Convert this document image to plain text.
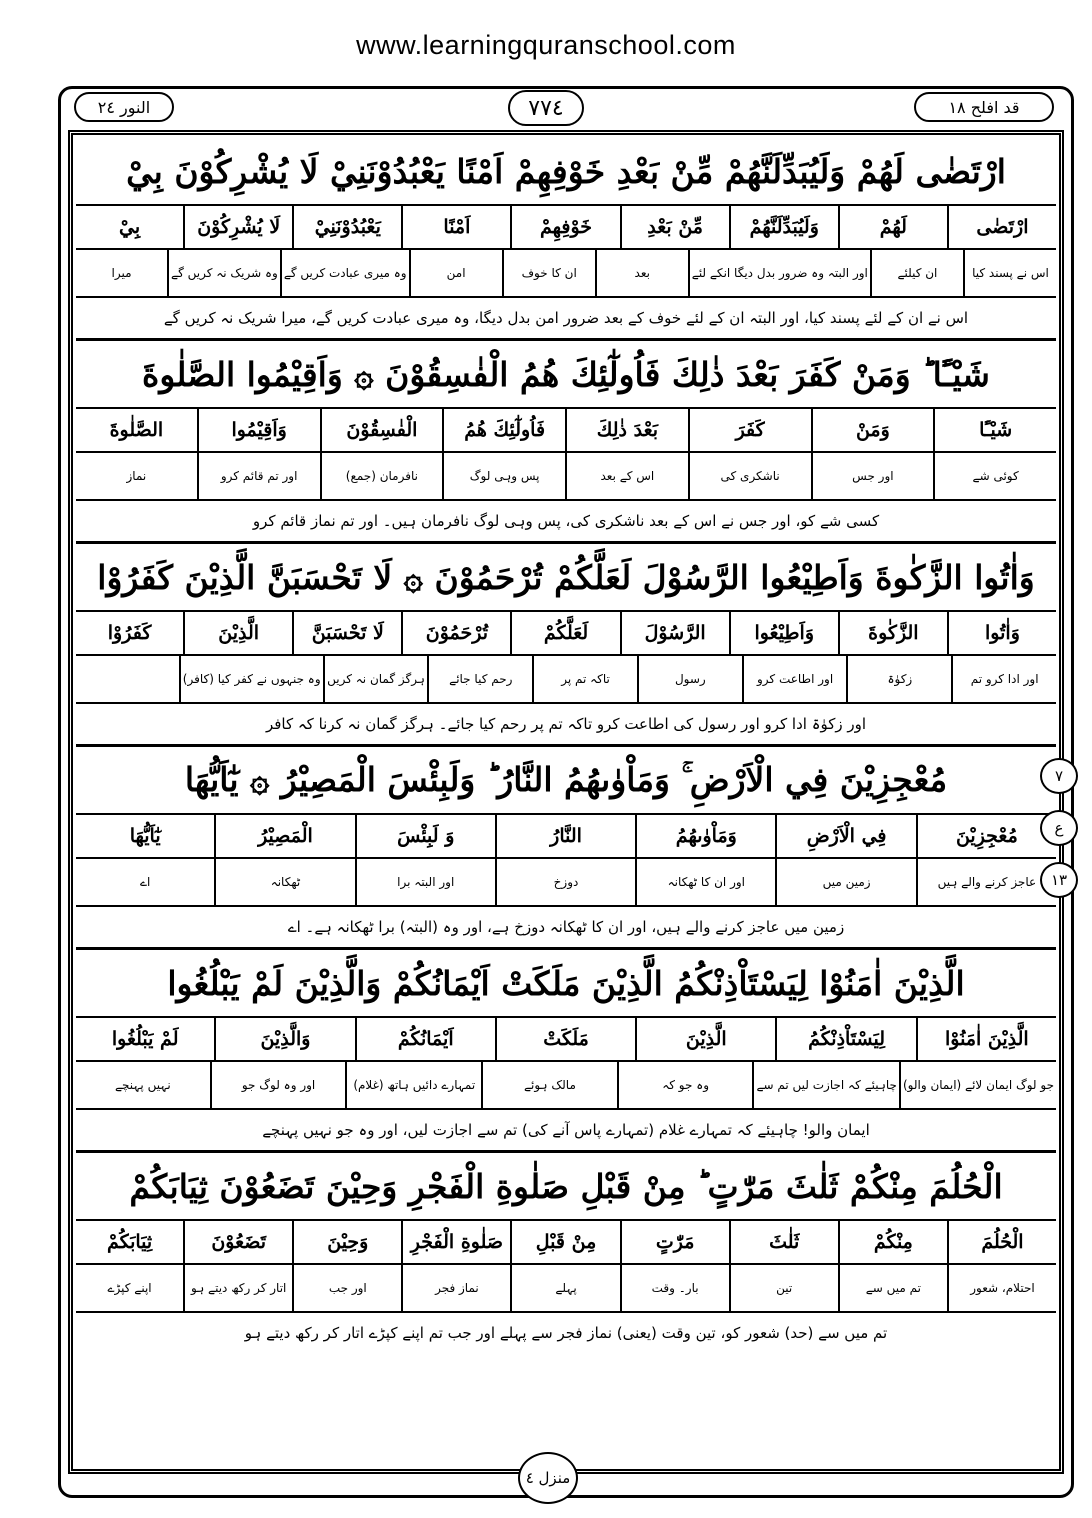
www.learningquranschool.com
النور ٢٤	٧٧٤	قد افلح ١٨
ارْتَضٰى لَهُمْ وَلَيُبَدِّلَنَّهُمْ مِّنْ بَعْدِ خَوْفِهِمْ اَمْنًا يَعْبُدُوْنَنِيْ لَا يُشْرِكُوْنَ بِيْ
ارْتَضٰى
لَهُمْ
وَلَيُبَدِّلَنَّهُمْ
مِّنْ بَعْدِ
خَوْفِهِمْ
اَمْنًا
يَعْبُدُوْنَنِيْ
لَا يُشْرِكُوْنَ
بِيْ
اس نے پسند کیا
ان کیلئے
اور البتہ وہ ضرور بدل دیگا انکے لئے
بعد
ان کا خوف
امن
وہ میری عبادت کریں گے
وہ شریک نہ کریں گے
میرا
اس نے ان کے لئے پسند کیا، اور البتہ ان کے لئے خوف کے بعد ضرور امن بدل دیگا، وہ میری عبادت کریں گے، میرا شریک نہ کریں گے
شَيْـًٔا ؕ وَمَنْ كَفَرَ بَعْدَ ذٰلِكَ فَاُولٰٓئِكَ هُمُ الْفٰسِقُوْنَ ۞ وَاَقِيْمُوا الصَّلٰوةَ
شَيْـًٔا
وَمَنْ
كَفَرَ
بَعْدَ ذٰلِكَ
فَاُولٰٓئِكَ هُمُ
الْفٰسِقُوْنَ
وَاَقِيْمُوا
الصَّلٰوةَ
کوئی شے
اور جس
ناشکری کی
اس کے بعد
پس وہی لوگ
نافرمان (جمع)
اور تم قائم کرو
نماز
کسی شے کو، اور جس نے اس کے بعد ناشکری کی، پس وہی لوگ نافرمان ہیں۔ اور تم نماز قائم کرو
وَاٰتُوا الزَّكٰوةَ وَاَطِيْعُوا الرَّسُوْلَ لَعَلَّكُمْ تُرْحَمُوْنَ ۞ لَا تَحْسَبَنَّ الَّذِيْنَ كَفَرُوْا
وَاٰتُوا
الزَّكٰوةَ
وَاَطِيْعُوا
الرَّسُوْلَ
لَعَلَّكُمْ
تُرْحَمُوْنَ
لَا تَحْسَبَنَّ
الَّذِيْنَ
كَفَرُوْا
اور ادا کرو تم
زکوٰۃ
اور اطاعت کرو
رسول
تاکہ تم پر
رحم کیا جائے
ہرگز گمان نہ کریں
وہ جنہوں نے کفر کیا (کافر)
اور زکوٰۃ ادا کرو اور رسول کی اطاعت کرو تاکہ تم پر رحم کیا جائے۔ ہرگز گمان نہ کرنا کہ کافر
مُعْجِزِيْنَ فِي الْاَرْضِ ۚ وَمَاْوٰىهُمُ النَّارُ ؕ وَلَبِئْسَ الْمَصِيْرُ ۞ يٰٓاَيُّهَا
مُعْجِزِيْنَ
فِي الْاَرْضِ
وَمَاْوٰىهُمُ
النَّارُ
وَ لَبِئْسَ
الْمَصِيْرُ
يٰٓاَيُّهَا
عاجز کرنے والے ہیں
زمین میں
اور ان کا ٹھکانہ
دوزخ
اور البتہ برا
ٹھکانہ
اے
زمین میں عاجز کرنے والے ہیں، اور ان کا ٹھکانہ دوزخ ہے، اور وہ (البتہ) برا ٹھکانہ ہے۔ اے
الَّذِيْنَ اٰمَنُوْا لِيَسْتَاْذِنْكُمُ الَّذِيْنَ مَلَكَتْ اَيْمَانُكُمْ وَالَّذِيْنَ لَمْ يَبْلُغُوا
الَّذِيْنَ اٰمَنُوْا
لِيَسْتَاْذِنْكُمُ
الَّذِيْنَ
مَلَكَتْ
اَيْمَانُكُمْ
وَالَّذِيْنَ
لَمْ يَبْلُغُوا
جو لوگ ایمان لائے (ایمان والو)
چاہیئے کہ اجازت لیں تم سے
وہ جو کہ
مالک ہوئے
تمہارے دائیں ہاتھ (غلام)
اور وہ لوگ جو
نہیں پہنچے
ایمان والو! چاہیئے کہ تمہارے غلام (تمہارے پاس آنے کی) تم سے اجازت لیں، اور وہ جو نہیں پہنچے
الْحُلُمَ مِنْكُمْ ثَلٰثَ مَرّٰتٍ ؕ مِنْ قَبْلِ صَلٰوةِ الْفَجْرِ وَحِيْنَ تَضَعُوْنَ ثِيَابَكُمْ
الْحُلُمَ
مِنْكُمْ
ثَلٰثَ
مَرّٰتٍ
مِنْ قَبْلِ
صَلٰوةِ الْفَجْرِ
وَحِيْنَ
تَضَعُوْنَ
ثِيَابَكُمْ
احتلام، شعور
تم میں سے
تین
بار۔ وقت
پہلے
نماز فجر
اور جب
اتار کر رکھ دیتے ہو
اپنے کپڑے
تم میں سے (حد) شعور کو، تین وقت (یعنی) نماز فجر سے پہلے اور جب تم اپنے کپڑے اتار کر رکھ دیتے ہو
٧
ع
١٣
منزل ٤
